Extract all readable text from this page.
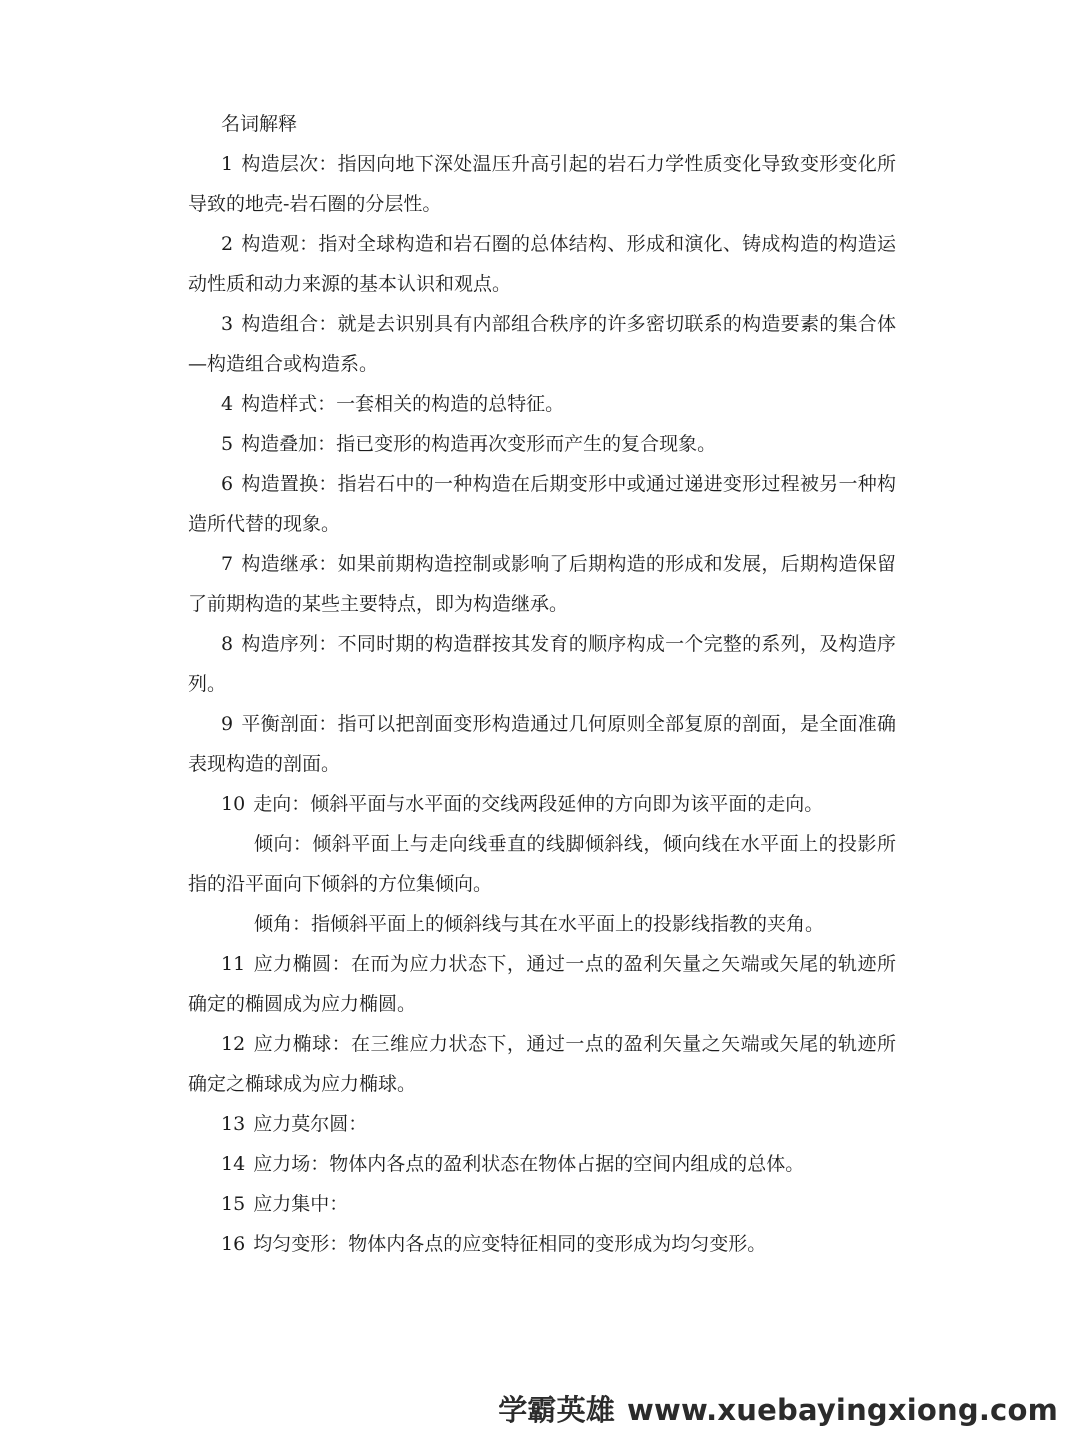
名词解释

1 构造层次：指因向地下深处温压升高引起的岩石力学性质变化导致变形变化所导致的地壳-岩石圈的分层性。

2 构造观：指对全球构造和岩石圈的总体结构、形成和演化、铸成构造的构造运动性质和动力来源的基本认识和观点。

3 构造组合：就是去识别具有内部组合秩序的许多密切联系的构造要素的集合体—构造组合或构造系。

4 构造样式：一套相关的构造的总特征。

5 构造叠加：指已变形的构造再次变形而产生的复合现象。

6 构造置换：指岩石中的一种构造在后期变形中或通过递进变形过程被另一种构造所代替的现象。

7 构造继承：如果前期构造控制或影响了后期构造的形成和发展，后期构造保留了前期构造的某些主要特点，即为构造继承。

8 构造序列：不同时期的构造群按其发育的顺序构成一个完整的系列，及构造序列。

9 平衡剖面：指可以把剖面变形构造通过几何原则全部复原的剖面，是全面准确表现构造的剖面。

10 走向：倾斜平面与水平面的交线两段延伸的方向即为该平面的走向。

倾向：倾斜平面上与走向线垂直的线脚倾斜线，倾向线在水平面上的投影所指的沿平面向下倾斜的方位集倾向。

倾角：指倾斜平面上的倾斜线与其在水平面上的投影线指教的夹角。

11 应力椭圆：在而为应力状态下，通过一点的盈利矢量之矢端或矢尾的轨迹所确定的椭圆成为应力椭圆。

12 应力椭球：在三维应力状态下，通过一点的盈利矢量之矢端或矢尾的轨迹所确定之椭球成为应力椭球。

13 应力莫尔圆：

14 应力场：物体内各点的盈利状态在物体占据的空间内组成的总体。

15 应力集中：

16 均匀变形：物体内各点的应变特征相同的变形成为均匀变形。

学霸英雄 www.xuebayingxiong.com
